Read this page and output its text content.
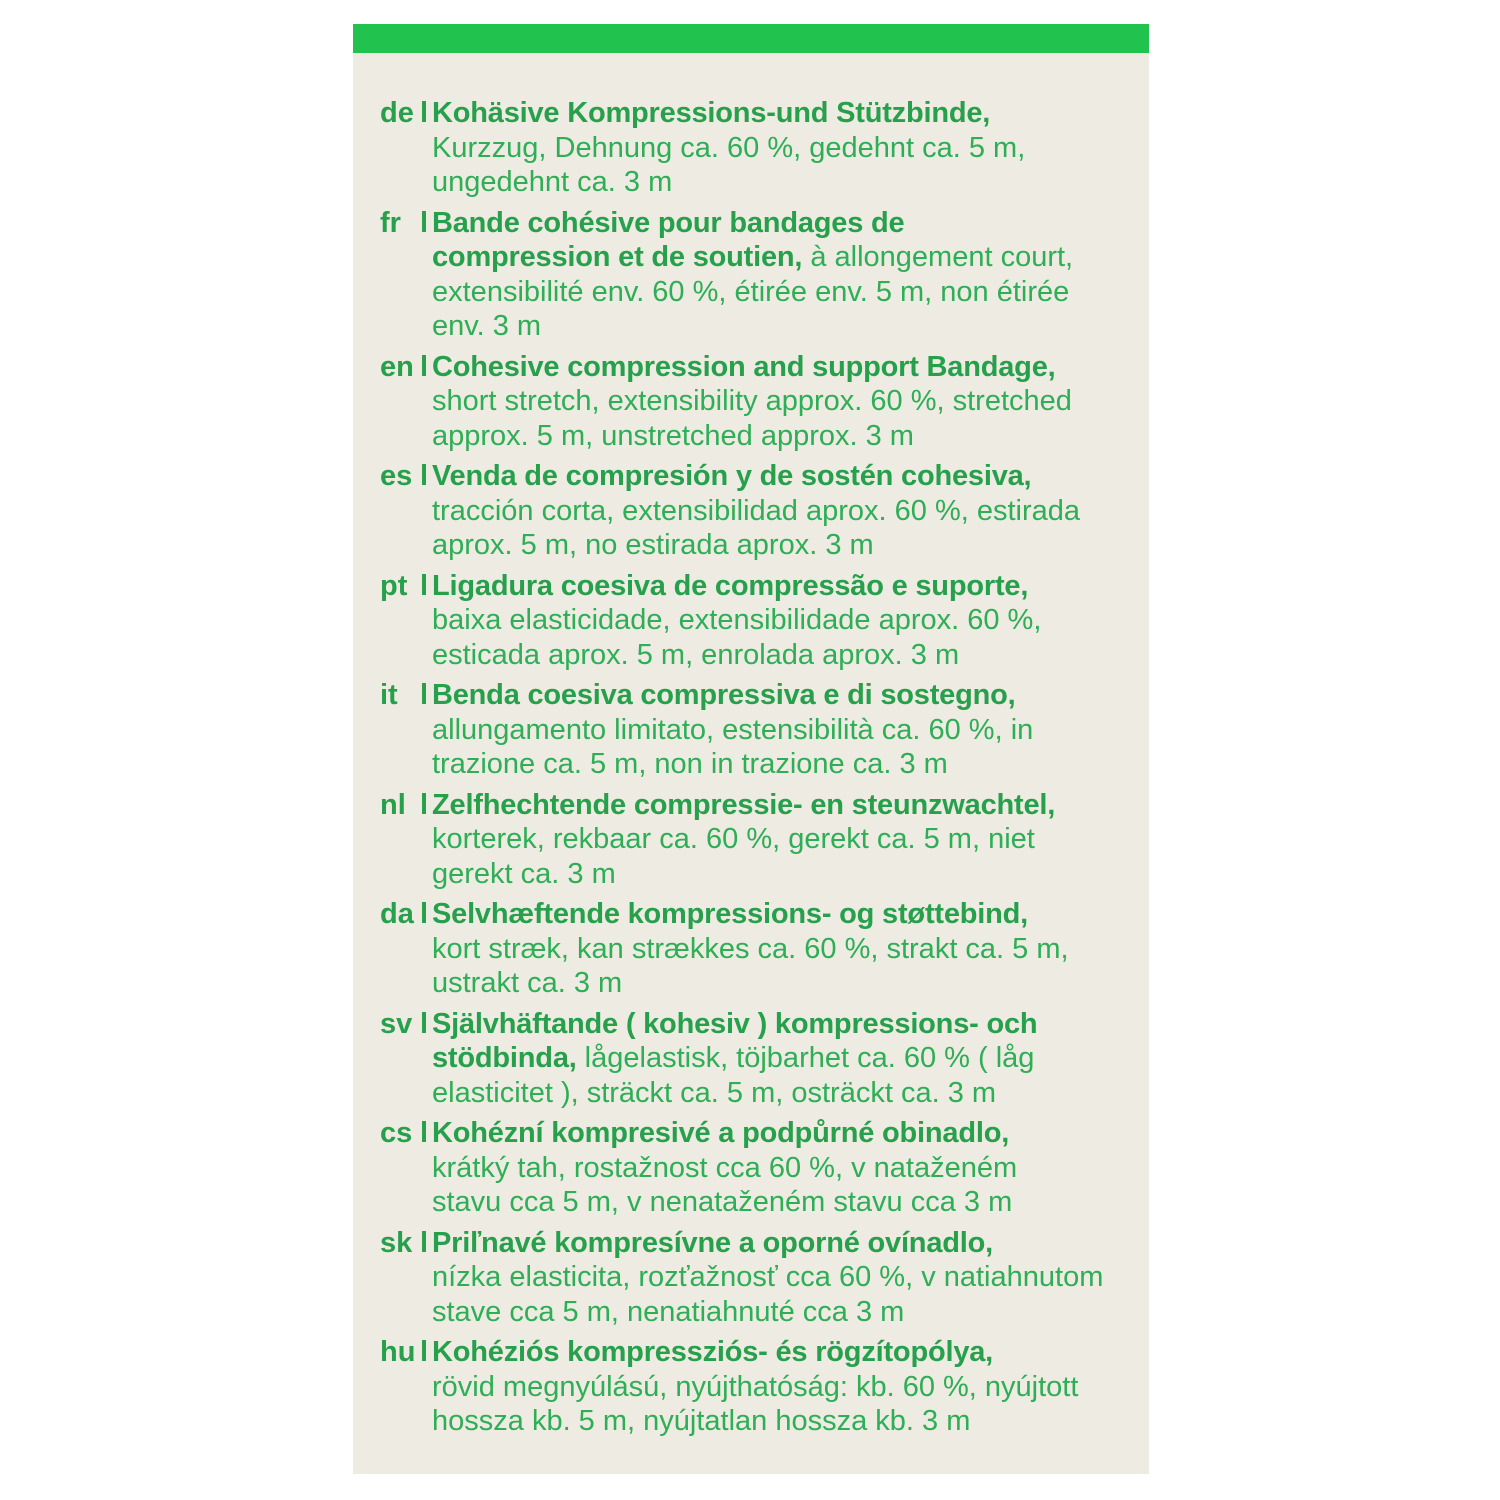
de l Kohäsive Kompressions-und Stützbinde,
Kurzzug, Dehnung ca. 60 %, gedehnt ca. 5 m,
ungedehnt ca. 3 m
fr l Bande cohésive pour bandages de
compression et de soutien, à allongement court,
extensibilité env. 60 %, étirée env. 5 m, non étirée
env. 3 m
en l Cohesive compression and support Bandage,
short stretch, extensibility approx. 60 %, stretched
approx. 5 m, unstretched approx. 3 m
es l Venda de compresión y de sostén cohesiva,
tracción corta, extensibilidad aprox. 60 %, estirada
aprox. 5 m, no estirada aprox. 3 m
pt l Ligadura coesiva de compressão e suporte,
baixa elasticidade, extensibilidade aprox. 60 %,
esticada aprox. 5 m, enrolada aprox. 3 m
it l Benda coesiva compressiva e di sostegno,
allungamento limitato, estensibilità ca. 60 %, in
trazione ca. 5 m, non in trazione ca. 3 m
nl l Zelfhechtende compressie- en steunzwachtel,
korterek, rekbaar ca. 60 %, gerekt ca. 5 m, niet
gerekt ca. 3 m
da l Selvhæftende kompressions- og støttebind,
kort stræk, kan strækkes ca. 60 %, strakt ca. 5 m,
ustrakt ca. 3 m
sv l Självhäftande ( kohesiv ) kompressions- och
stödbinda, lågelastisk, töjbarhet ca. 60 % ( låg
elasticitet ), sträckt ca. 5 m, osträckt ca. 3 m
cs l Kohézní kompresivé a podpůrné obinadlo,
krátký tah, rostažnost cca 60 %, v nataženém
stavu cca 5 m, v nenataženém stavu cca 3 m
sk l Priľnavé kompresívne a oporné ovínadlo,
nízka elasticita, rozťažnosť cca 60 %, v natiahnutom
stave cca 5 m, nenatiahnuté cca 3 m
hu l Kohéziós kompressziós- és rögzítopólya,
rövid megnyúlású, nyújthatóság: kb. 60 %, nyújtott
hossza kb. 5 m, nyújtatlan hossza kb. 3 m
